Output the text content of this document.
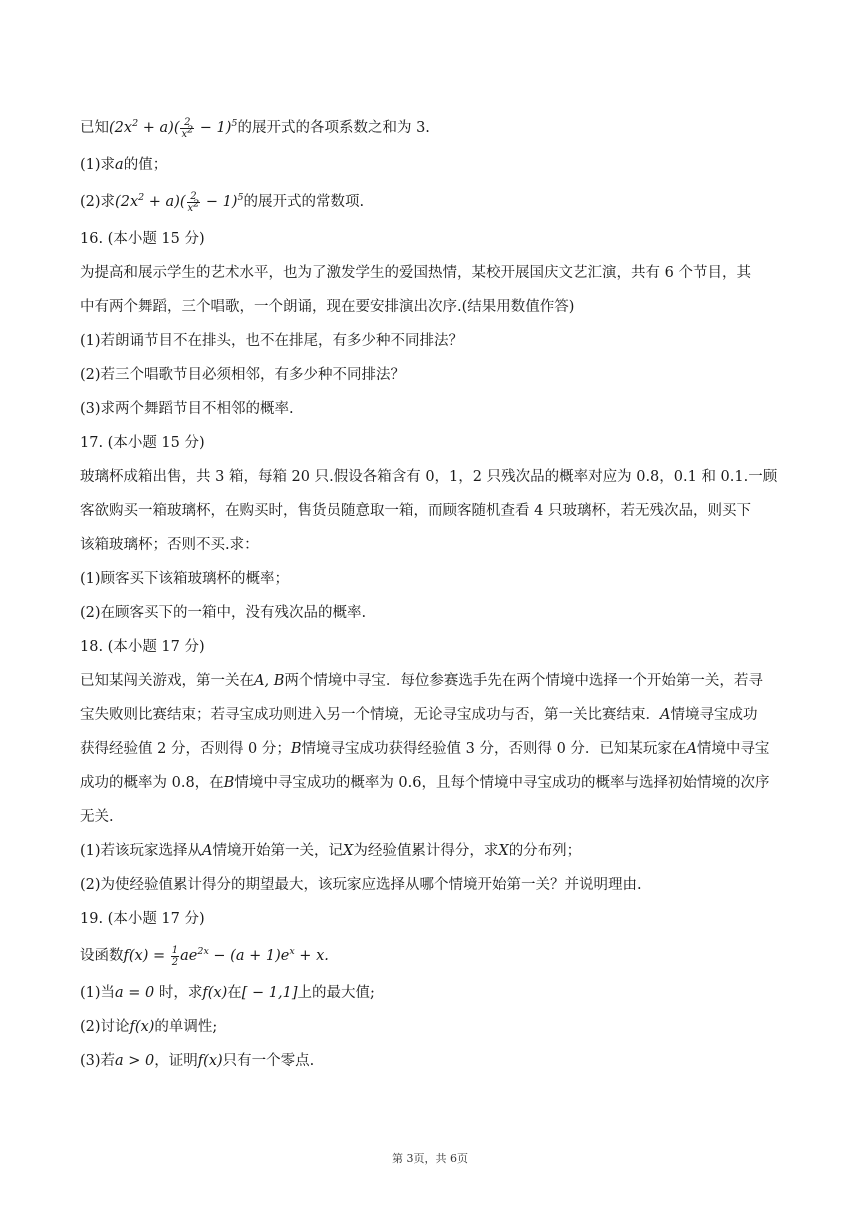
已知$(2x^2 + a)( \frac{2}{x^2} - 1)^5$的展开式的各项系数之和为 3.
(1)求a的值；
(2)求$(2x^2 + a)( \frac{2}{x^2} - 1)^5$的展开式的常数项.
16. (本小题 15 分)
为提高和展示学生的艺术水平，也为了激发学生的爱国热情，某校开展国庆文艺汇演，共有 6 个节目，其
中有两个舞蹈，三个唱歌，一个朗诵，现在要安排演出次序.(结果用数值作答)
(1)若朗诵节目不在排头，也不在排尾，有多少种不同排法？
(2)若三个唱歌节目必须相邻，有多少种不同排法？
(3)求两个舞蹈节目不相邻的概率.
17. (本小题 15 分)
玻璃杯成箱出售，共 3 箱，每箱 20 只.假设各箱含有 0，1，2 只残次品的概率对应为 0.8，0.1 和 0.1.一顾
客欲购买一箱玻璃杯，在购买时，售货员随意取一箱，而顾客随机查看 4 只玻璃杯，若无残次品，则买下
该箱玻璃杯；否则不买.求：
(1)顾客买下该箱玻璃杯的概率；
(2)在顾客买下的一箱中，没有残次品的概率.
18. (本小题 17 分)
已知某闯关游戏，第一关在A, B两个情境中寻宝．每位参赛选手先在两个情境中选择一个开始第一关，若寻
宝失败则比赛结束；若寻宝成功则进入另一个情境，无论寻宝成功与否，第一关比赛结束．A情境寻宝成功
获得经验值 2 分，否则得 0 分；B情境寻宝成功获得经验值 3 分，否则得 0 分．已知某玩家在A情境中寻宝
成功的概率为 0.8，在B情境中寻宝成功的概率为 0.6，且每个情境中寻宝成功的概率与选择初始情境的次序
无关.
(1)若该玩家选择从A情境开始第一关，记X为经验值累计得分，求X的分布列；
(2)为使经验值累计得分的期望最大，该玩家应选择从哪个情境开始第一关？并说明理由.
19. (本小题 17 分)
设函数$f(x) = \frac{1}{2} ae^{2x} - (a + 1)e^x + x$.
(1)当a = 0 时，求f(x)在[ − 1,1]上的最大值;
(2)讨论f(x)的单调性;
(3)若a > 0，证明f(x)只有一个零点.
第 3页，共 6页
